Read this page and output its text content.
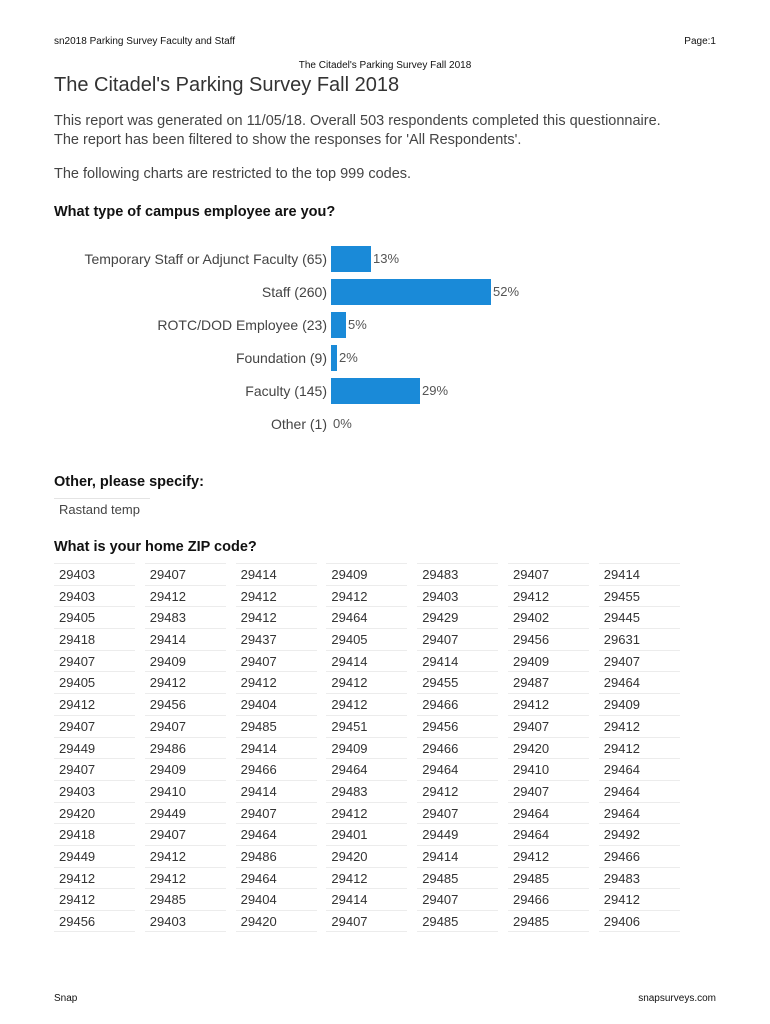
sn2018 Parking Survey Faculty and Staff	Page:1
The Citadel's Parking Survey Fall 2018
The Citadel's Parking Survey Fall 2018
This report was generated on 11/05/18. Overall 503 respondents completed this questionnaire.
The report has been filtered to show the responses for 'All Respondents'.
The following charts are restricted to the top 999 codes.
What type of campus employee are you?
Temporary Staff or Adjunct Faculty (65)	13%
Staff (260)	52%
ROTC/DOD Employee (23) 5%
Foundation (9) 2%
Faculty (145)	29%
Other (1) 0%
Other, please specify:
Rastand temp
What is your home ZIP code?
29403	29407	29414	29409	29483	29407	29414
29403	29412	29412	29412	29403	29412	29455
29405	29483	29412	29464	29429	29402	29445
29418	29414	29437	29405	29407	29456	29631
29407	29409	29407	29414	29414	29409	29407
29405	29412	29412	29412	29455	29487	29464
29412	29456	29404	29412	29466	29412	29409
29407	29407	29485	29451	29456	29407	29412
29449	29486	29414	29409	29466	29420	29412
29407	29409	29466	29464	29464	29410	29464
29403	29410	29414	29483	29412	29407	29464
29420	29449	29407	29412	29407	29464	29464
29418	29407	29464	29401	29449	29464	29492
29449	29412	29486	29420	29414	29412	29466
29412	29412	29464	29412	29485	29485	29483
29412	29485	29404	29414	29407	29466	29412
29456	29403	29420	29407	29485	29485	29406
Snap	snapsurveys.com
